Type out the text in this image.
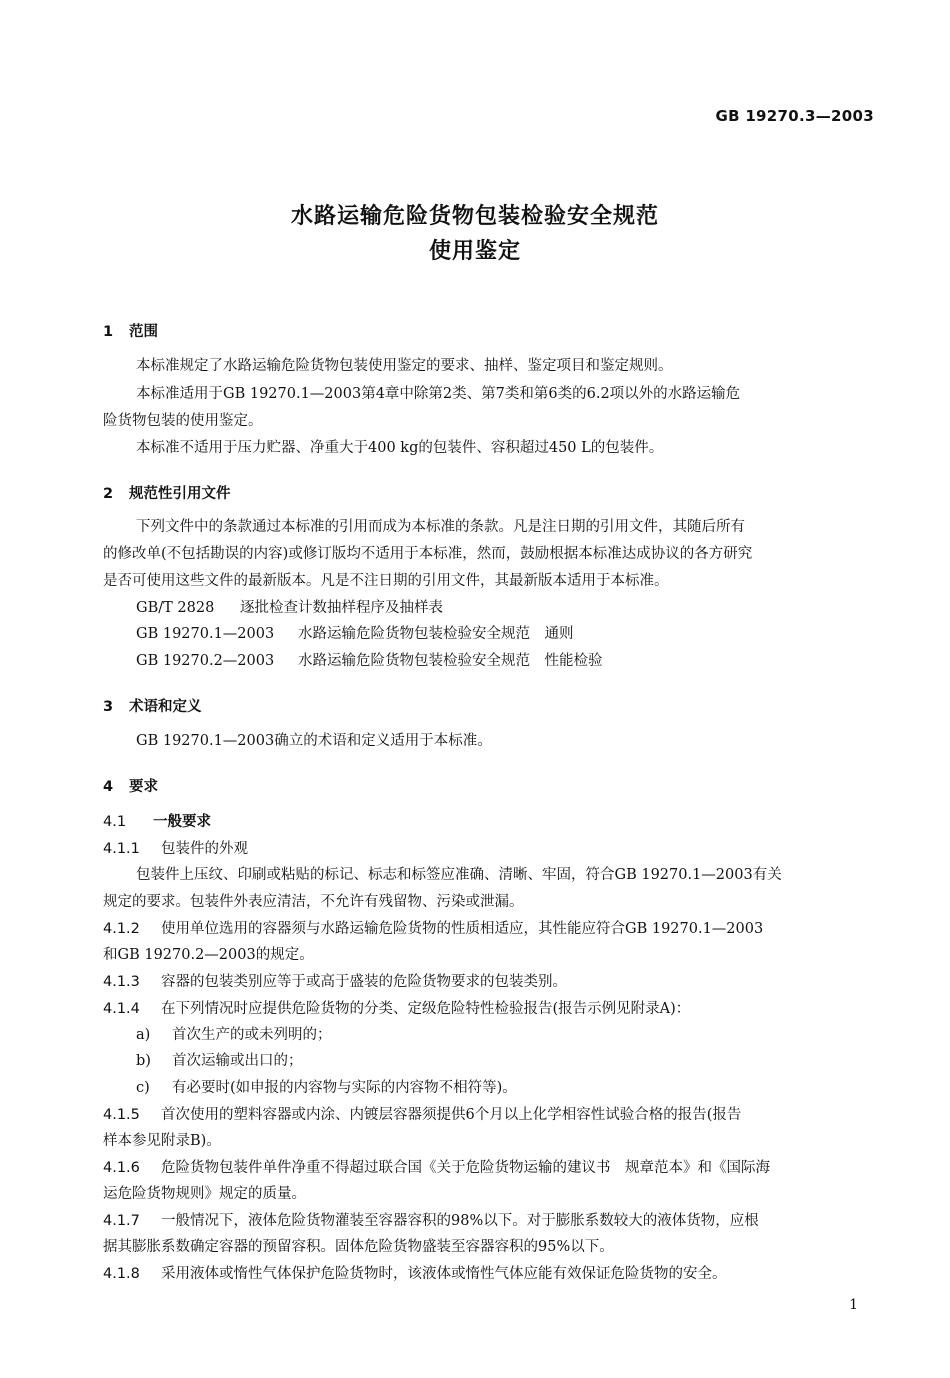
GB 19270.3—2003
水路运输危险货物包装检验安全规范
使用鉴定
1 范围
本标准规定了水路运输危险货物包装使用鉴定的要求、抽样、鉴定项目和鉴定规则。
本标准适用于GB 19270.1—2003第4章中除第2类、第7类和第6类的6.2项以外的水路运输危
险货物包装的使用鉴定。
本标准不适用于压力贮器、净重大于400 kg的包装件、容积超过450 L的包装件。
2 规范性引用文件
下列文件中的条款通过本标准的引用而成为本标准的条款。凡是注日期的引用文件，其随后所有
的修改单(不包括勘误的内容)或修订版均不适用于本标准，然而，鼓励根据本标准达成协议的各方研究
是否可使用这些文件的最新版本。凡是不注日期的引用文件，其最新版本适用于本标准。
GB/T 2828 逐批检查计数抽样程序及抽样表
GB 19270.1—2003 水路运输危险货物包装检验安全规范　通则
GB 19270.2—2003 水路运输危险货物包装检验安全规范　性能检验
3 术语和定义
GB 19270.1—2003确立的术语和定义适用于本标准。
4 要求
4.1 一般要求
4.1.1 包装件的外观
包装件上压纹、印刷或粘贴的标记、标志和标签应准确、清晰、牢固，符合GB 19270.1—2003有关
规定的要求。包装件外表应清洁，不允许有残留物、污染或泄漏。
4.1.2 使用单位选用的容器须与水路运输危险货物的性质相适应，其性能应符合GB 19270.1—2003
和GB 19270.2—2003的规定。
4.1.3 容器的包装类别应等于或高于盛装的危险货物要求的包装类别。
4.1.4 在下列情况时应提供危险货物的分类、定级危险特性检验报告(报告示例见附录A)：
a) 首次生产的或未列明的；
b) 首次运输或出口的；
c) 有必要时(如申报的内容物与实际的内容物不相符等)。
4.1.5 首次使用的塑料容器或内涂、内镀层容器须提供6个月以上化学相容性试验合格的报告(报告
样本参见附录B)。
4.1.6 危险货物包装件单件净重不得超过联合国《关于危险货物运输的建议书　规章范本》和《国际海
运危险货物规则》规定的质量。
4.1.7 一般情况下，液体危险货物灌装至容器容积的98%以下。对于膨胀系数较大的液体货物，应根
据其膨胀系数确定容器的预留容积。固体危险货物盛装至容器容积的95%以下。
4.1.8 采用液体或惰性气体保护危险货物时，该液体或惰性气体应能有效保证危险货物的安全。
1
